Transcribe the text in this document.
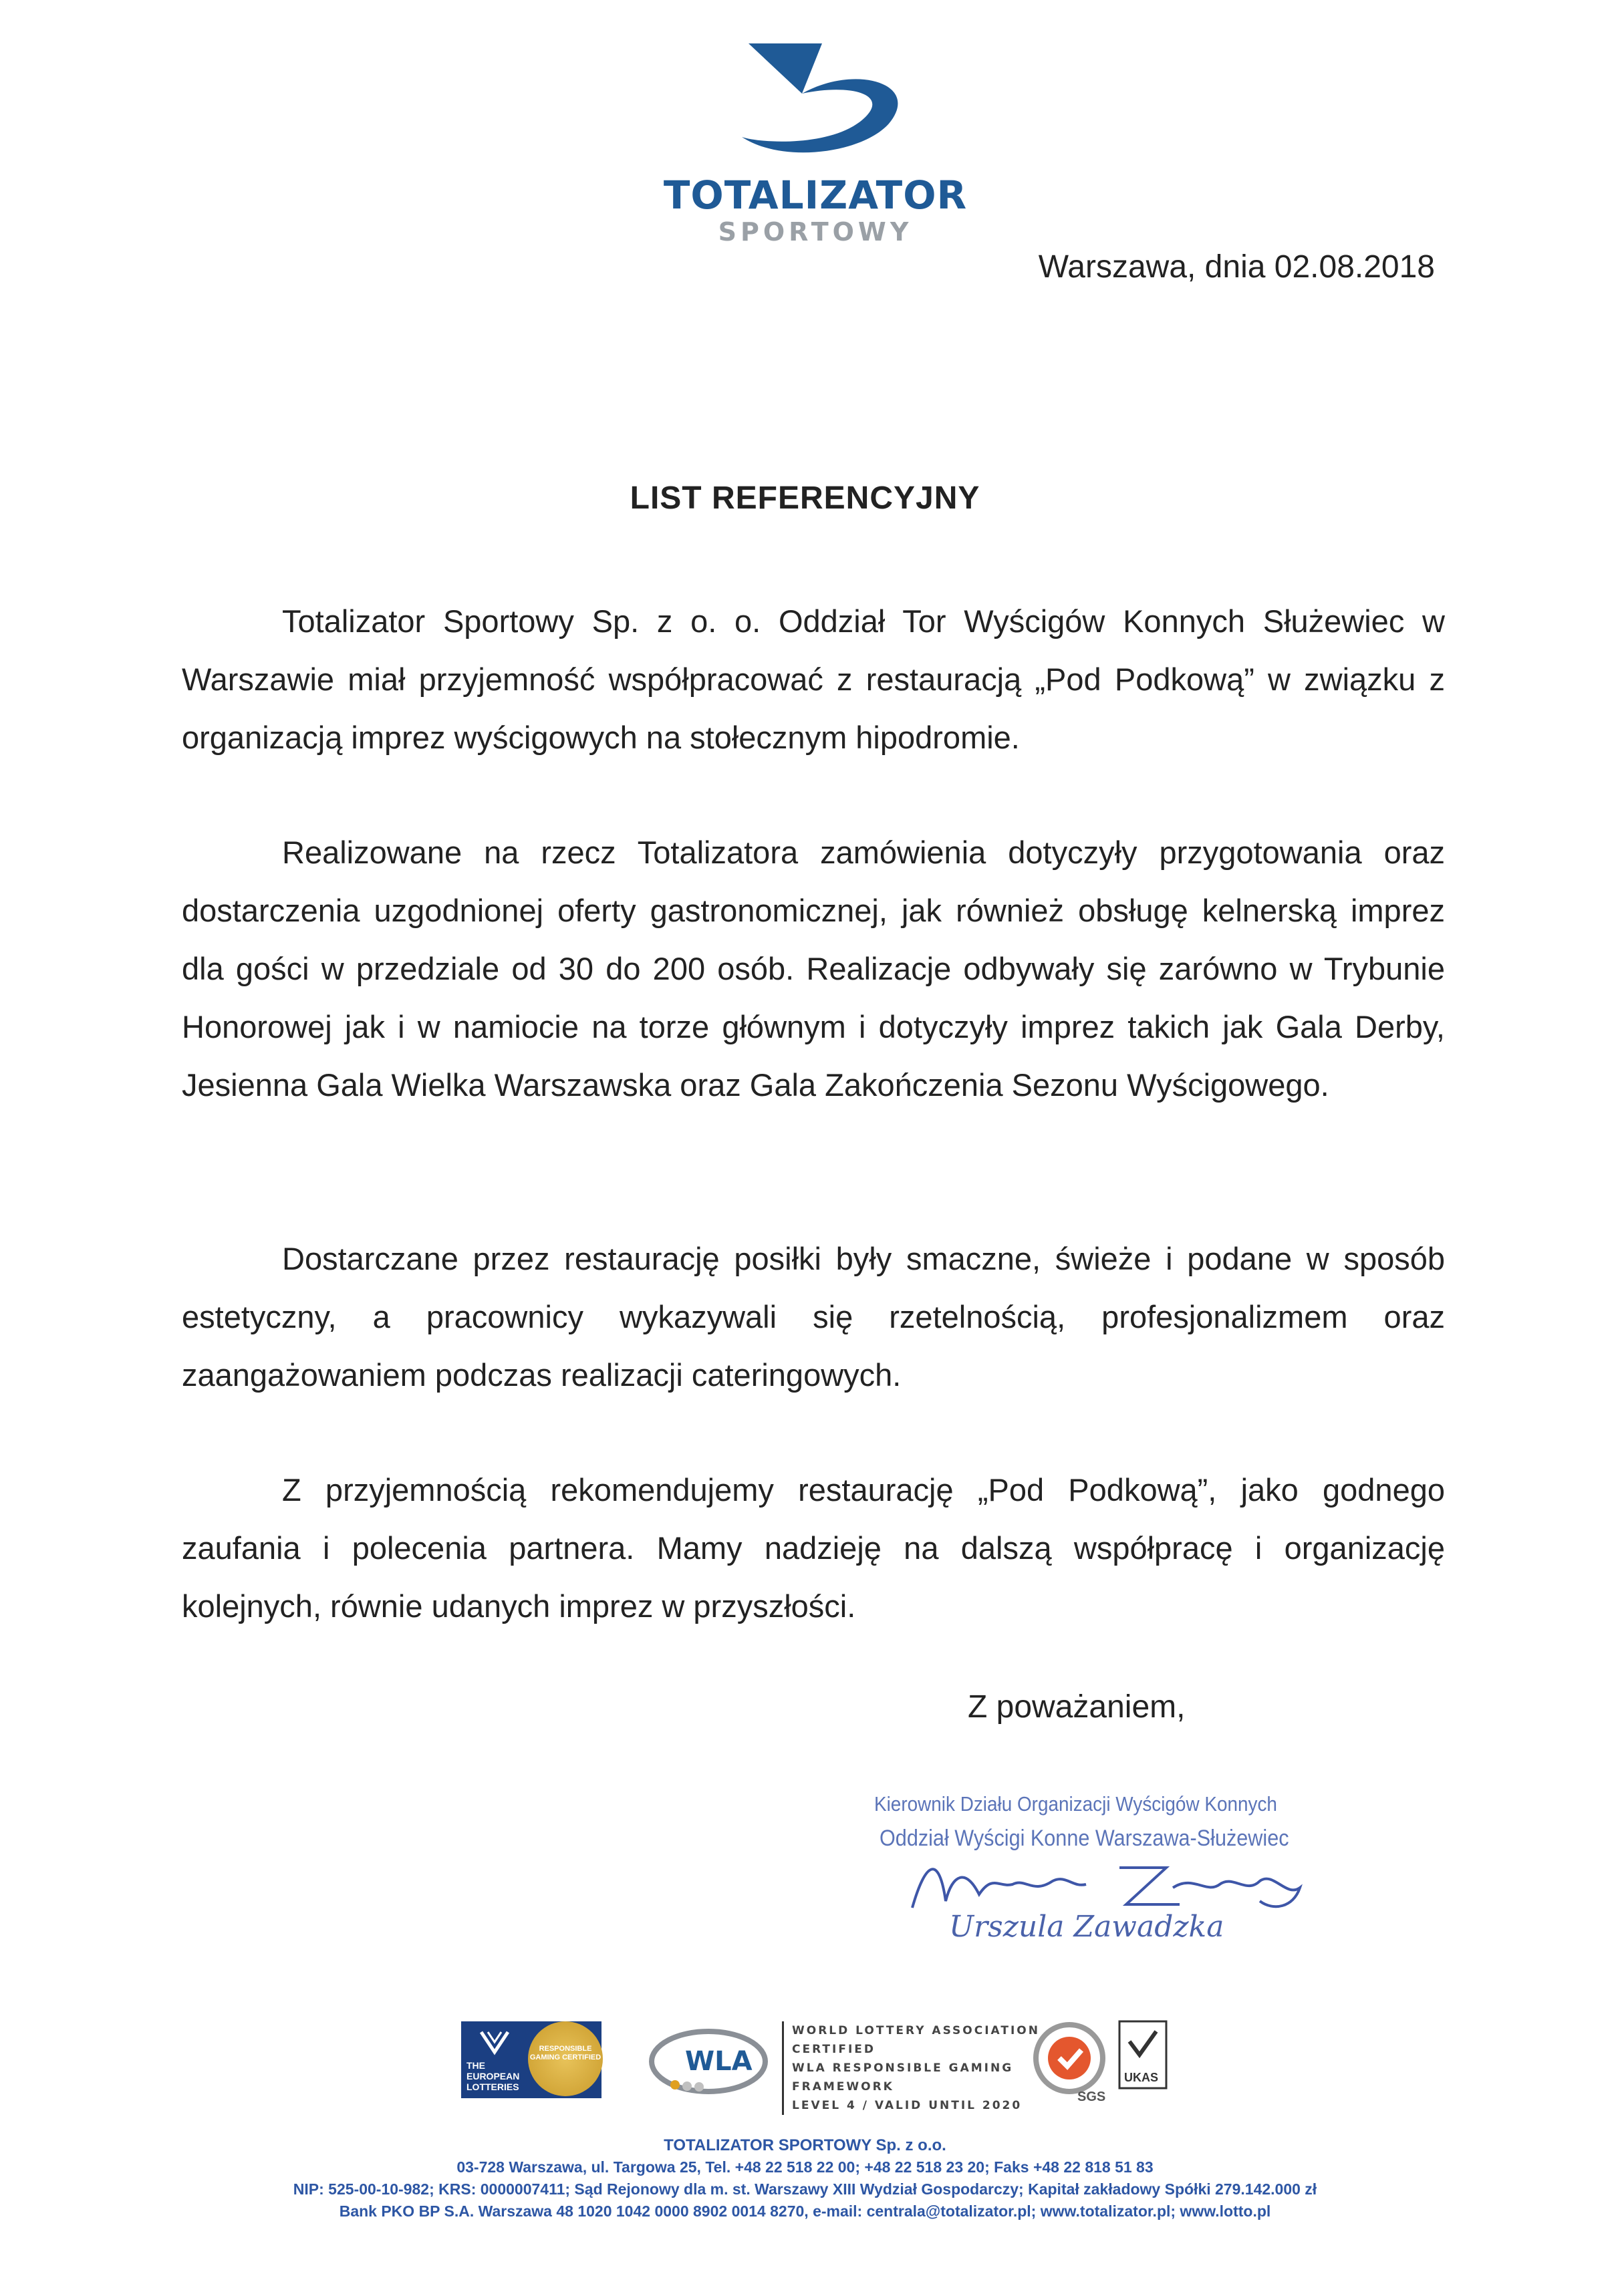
TOTALIZATOR
SPORTOWY
Warszawa, dnia 02.08.2018
LIST REFERENCYJNY
Totalizator Sportowy Sp. z o. o. Oddział Tor Wyścigów Konnych Służewiec w Warszawie miał przyjemność współpracować z restauracją „Pod Podkową” w związku z organizacją imprez wyścigowych na stołecznym hipodromie.
Realizowane na rzecz Totalizatora zamówienia dotyczyły przygotowania oraz dostarczenia uzgodnionej oferty gastronomicznej, jak również obsługę kelnerską imprez dla gości w przedziale od 30 do 200 osób. Realizacje odbywały się zarówno w Trybunie Honorowej jak i w namiocie na torze głównym i dotyczyły imprez takich jak Gala Derby, Jesienna Gala Wielka Warszawska oraz Gala Zakończenia Sezonu Wyścigowego.
Dostarczane przez restaurację posiłki były smaczne, świeże i podane w sposób estetyczny, a pracownicy wykazywali się rzetelnością, profesjonalizmem oraz zaangażowaniem podczas realizacji cateringowych.
Z przyjemnością rekomendujemy restaurację „Pod Podkową”, jako godnego zaufania i polecenia partnera. Mamy nadzieję na dalszą współpracę i organizację kolejnych, równie udanych imprez w przyszłości.
Z poważaniem,
Kierownik Działu Organizacji Wyścigów Konnych
Oddział Wyścigi Konne Warszawa-Służewiec
Urszula Zawadzka
THE EUROPEAN LOTTERIES
RESPONSIBLE GAMING CERTIFIED	WLA
WORLD LOTTERY ASSOCIATION
CERTIFIED
WLA RESPONSIBLE GAMING
FRAMEWORK
LEVEL 4 / VALID UNTIL 2020
SGS
UKAS
TOTALIZATOR SPORTOWY Sp. z o.o.
03-728 Warszawa, ul. Targowa 25, Tel. +48 22 518 22 00; +48 22 518 23 20; Faks +48 22 818 51 83
NIP: 525-00-10-982; KRS: 0000007411; Sąd Rejonowy dla m. st. Warszawy XIII Wydział Gospodarczy; Kapitał zakładowy Spółki 279.142.000 zł
Bank PKO BP S.A. Warszawa 48 1020 1042 0000 8902 0014 8270, e-mail: centrala@totalizator.pl; www.totalizator.pl; www.lotto.pl
